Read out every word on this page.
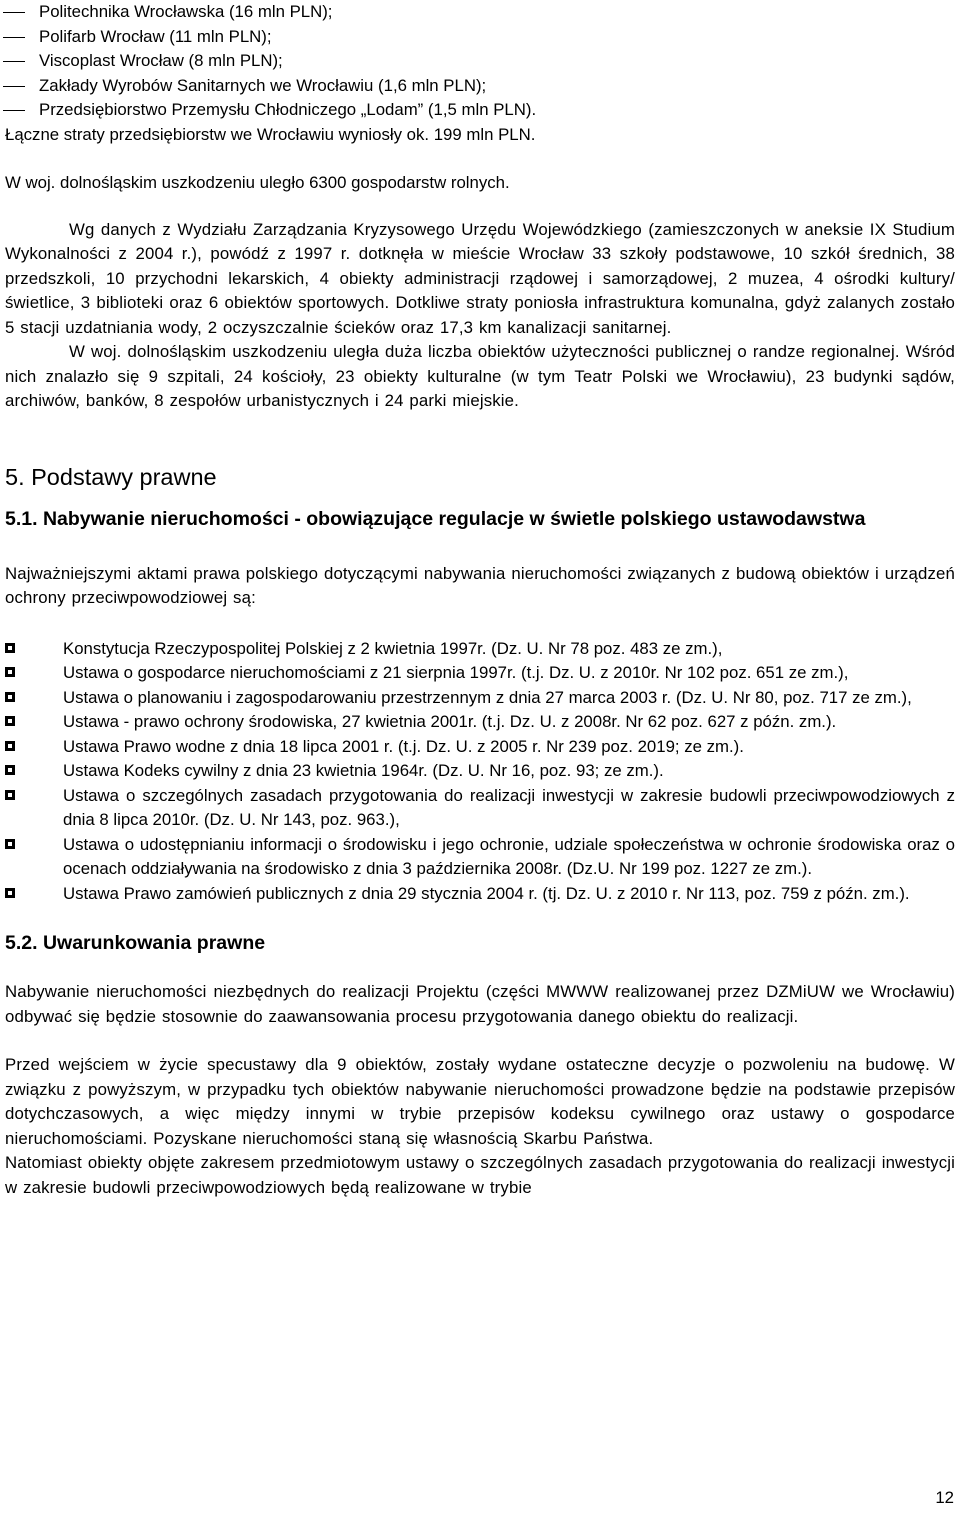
Politechnika Wrocławska (16 mln PLN);
Polifarb Wrocław (11 mln PLN);
Viscoplast Wrocław (8 mln PLN);
Zakłady Wyrobów Sanitarnych we Wrocławiu (1,6 mln PLN);
Przedsiębiorstwo Przemysłu Chłodniczego „Lodam” (1,5 mln PLN).

Łączne straty przedsiębiorstw we Wrocławiu wyniosły ok. 199 mln PLN.

W woj. dolnośląskim uszkodzeniu uległo 6300 gospodarstw rolnych.

Wg danych z Wydziału Zarządzania Kryzysowego Urzędu Wojewódzkiego (zamieszczonych w aneksie IX Studium Wykonalności z 2004 r.), powódź z 1997 r. dotknęła w mieście Wrocław 33 szkoły podstawowe, 10 szkół średnich, 38 przedszkoli, 10 przychodni lekarskich, 4 obiekty administracji rządowej i samorządowej, 2 muzea, 4 ośrodki kultury/świetlice, 3 biblioteki oraz 6 obiektów sportowych. Dotkliwe straty poniosła infrastruktura komunalna, gdyż zalanych zostało 5 stacji uzdatniania wody, 2 oczyszczalnie ścieków oraz 17,3 km kanalizacji sanitarnej.

W woj. dolnośląskim uszkodzeniu uległa duża liczba obiektów użyteczności publicznej o randze regionalnej. Wśród nich znalazło się 9 szpitali, 24 kościoły, 23 obiekty kulturalne (w tym Teatr Polski we Wrocławiu), 23 budynki sądów, archiwów, banków, 8 zespołów urbanistycznych i 24 parki miejskie.

5. Podstawy prawne
5.1. Nabywanie nieruchomości - obowiązujące regulacje w świetle polskiego ustawodawstwa

Najważniejszymi aktami prawa polskiego dotyczącymi nabywania nieruchomości związanych z budową obiektów i urządzeń ochrony przeciwpowodziowej są:

Konstytucja Rzeczypospolitej Polskiej z 2 kwietnia 1997r. (Dz. U. Nr 78 poz. 483 ze zm.),
Ustawa o gospodarce nieruchomościami z 21 sierpnia 1997r. (t.j. Dz. U. z 2010r. Nr 102 poz. 651 ze zm.),
Ustawa o planowaniu i zagospodarowaniu przestrzennym z dnia 27 marca 2003 r. (Dz. U. Nr 80, poz. 717 ze zm.),
Ustawa - prawo ochrony środowiska, 27 kwietnia 2001r. (t.j. Dz. U. z 2008r. Nr 62 poz. 627 z późn. zm.).
Ustawa Prawo wodne z dnia 18 lipca 2001 r. (t.j. Dz. U. z 2005 r. Nr 239 poz. 2019; ze zm.).
Ustawa Kodeks cywilny z dnia 23 kwietnia 1964r. (Dz. U. Nr 16, poz. 93; ze zm.).
Ustawa o szczególnych zasadach przygotowania do realizacji inwestycji w zakresie budowli przeciwpowodziowych z dnia 8 lipca 2010r. (Dz. U. Nr 143, poz. 963.),
Ustawa o udostępnianiu informacji o środowisku i jego ochronie, udziale społeczeństwa w ochronie środowiska oraz o ocenach oddziaływania na środowisko z dnia 3 października 2008r. (Dz.U. Nr 199 poz. 1227 ze zm.).
Ustawa Prawo zamówień publicznych z dnia 29 stycznia 2004 r. (tj. Dz. U. z 2010 r. Nr 113, poz. 759 z późn. zm.).
5.2. Uwarunkowania prawne

Nabywanie nieruchomości niezbędnych do realizacji Projektu (części MWWW realizowanej przez DZMiUW we Wrocławiu) odbywać się będzie stosownie do zaawansowania procesu przygotowania danego obiektu do realizacji.

Przed wejściem w życie specustawy dla 9 obiektów, zostały wydane ostateczne decyzje o pozwoleniu na budowę. W związku z powyższym, w przypadku tych obiektów nabywanie nieruchomości prowadzone będzie na podstawie przepisów dotychczasowych, a więc między innymi w trybie przepisów kodeksu cywilnego oraz ustawy o gospodarce nieruchomościami. Pozyskane nieruchomości staną się własnością Skarbu Państwa.

Natomiast obiekty objęte zakresem przedmiotowym ustawy o szczególnych zasadach przygotowania do realizacji inwestycji w zakresie budowli przeciwpowodziowych będą realizowane w trybie

12
